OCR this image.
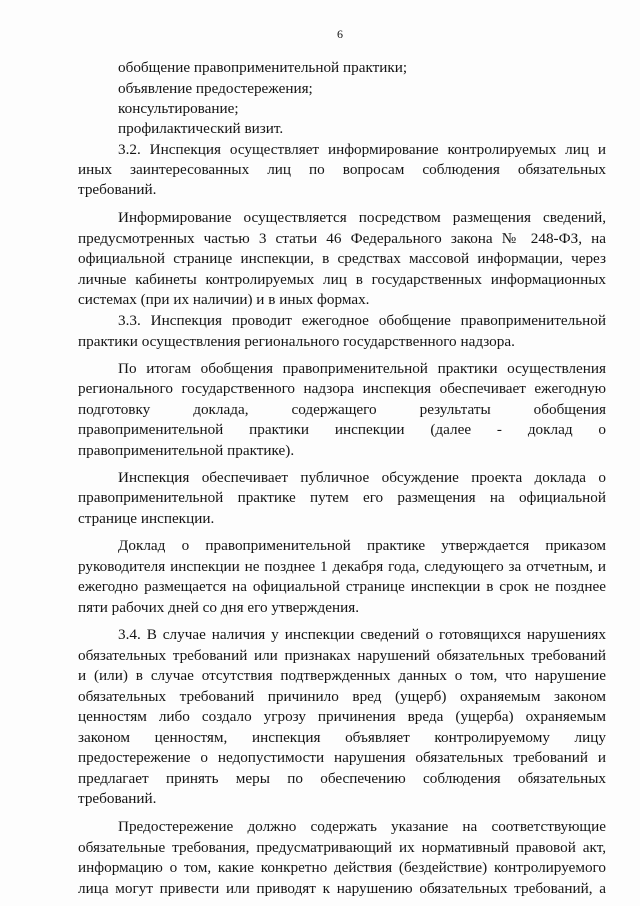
6
обобщение правоприменительной практики;
объявление предостережения;
консультирование;
профилактический визит.
3.2. Инспекция осуществляет информирование контролируемых лиц и
иных заинтересованных лиц по вопросам соблюдения обязательных
требований.
Информирование осуществляется посредством размещения сведений,
предусмотренных частью 3 статьи 46 Федерального закона № 248-ФЗ, на
официальной странице инспекции, в средствах массовой информации, через
личные кабинеты контролируемых лиц в государственных информационных
системах (при их наличии) и в иных формах.
3.3. Инспекция проводит ежегодное обобщение правоприменительной
практики осуществления регионального государственного надзора.
По итогам обобщения правоприменительной практики осуществления
регионального государственного надзора инспекция обеспечивает ежегодную
подготовку доклада, содержащего результаты обобщения
правоприменительной практики инспекции (далее - доклад о
правоприменительной практике).
Инспекция обеспечивает публичное обсуждение проекта доклада о
правоприменительной практике путем его размещения на официальной
странице инспекции.
Доклад о правоприменительной практике утверждается приказом
руководителя инспекции не позднее 1 декабря года, следующего за отчетным, и
ежегодно размещается на официальной странице инспекции в срок не позднее
пяти рабочих дней со дня его утверждения.
3.4. В случае наличия у инспекции сведений о готовящихся нарушениях
обязательных требований или признаках нарушений обязательных требований
и (или) в случае отсутствия подтвержденных данных о том, что нарушение
обязательных требований причинило вред (ущерб) охраняемым законом
ценностям либо создало угрозу причинения вреда (ущерба) охраняемым
законом ценностям, инспекция объявляет контролируемому лицу
предостережение о недопустимости нарушения обязательных требований и
предлагает принять меры по обеспечению соблюдения обязательных
требований.
Предостережение должно содержать указание на соответствующие
обязательные требования, предусматривающий их нормативный правовой акт,
информацию о том, какие конкретно действия (бездействие) контролируемого
лица могут привести или приводят к нарушению обязательных требований, а
